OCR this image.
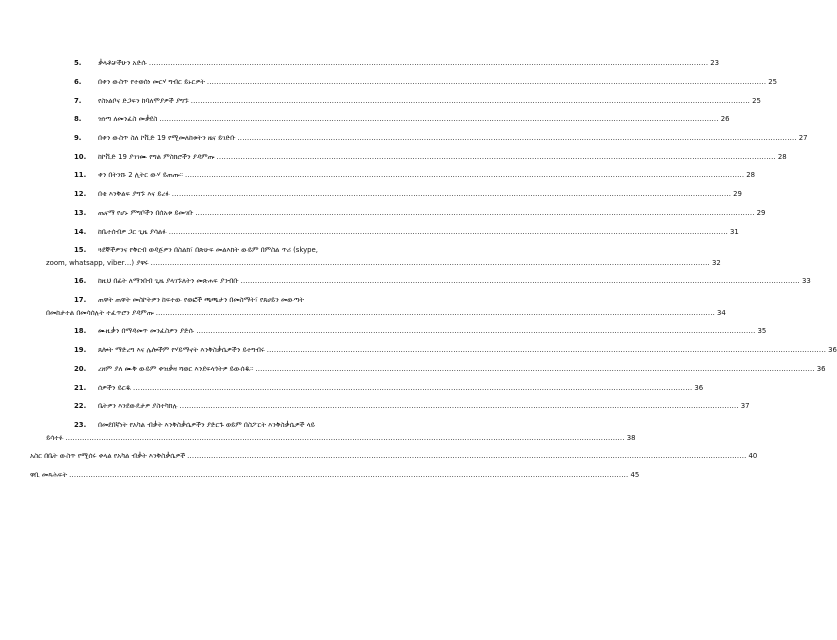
5. ቃላቶቻችሁን አድሱ .....	23
6. በቀን ውስጥ የተወሰነ መርሃ ግብር ይኑርዎት .....	25
7. የስነልቦና ድጋፍን ከባለሞያዎች ያግኙ .....	25
8. ዝነጣ ለመንፈስ መቃደስ .....	26
9. በቀን ውስጥ ስለ ኮቪድ 19 የሚመለከቱትን ዜና ይገድቡ .....	27
10. ከኮቪድ 19 ያገገሙ የግል ምስክሮችን ያዳምጡ .....	28
11. ቀን በትንሹ 2 ሊትር ውሃ ይጠጡ። .....	28
12. በቂ እንቅልፍ ያግኙ እና ይረፉ .....	29
13. ጤናማ የሆኑ ምግቦችን በሰአቱ ይመገቡ .....	29
14. ከቤተሰብዎ ጋር ጊዜ ያሳልፉ .....	31
15. ጓደኞችዎንና የቅርብ ወዳጅዎን በስልክ፣ በጽሁፍ መልእክት ውይም በምስል ጥሪ (skype,
zoom, whatsapp, viber…) ያዋሩ .....	32
16. ከዚህ በፊት ለማንበብ ጊዜ ያላገኙለትን መጽሐፍ ያንብቡ .....	33
17. ጠዋት ጠዋት መስኮትዎን ከፍተው የወፎች ጫጫታን በመስማት፣ የጸሀይን መውጣት
በመከታተል በመሳሰሉት ተፈጥሮን ያዳምጡ .....	34
18. ሙዚቃን በማዳመጥ መንፈስዎን ያድሱ .....	35
19. ጸሎት ማድረግ እና ሌሎችም የሃይማኖት እንቅስቃሴዎችን ይተግብሩ .....	36
20. ረዘም ያለ ሙቅ ውይም ቀዝቃዛ ሻወር እንደፍላጎትዎ ይውሰዱ። .....	36
21. ሰዎችን ይርዱ .....	36
22. ቤትዎን እንደውዴታዎ ያስተካክሉ .....	37
23. በመደበኛነት የአካል ብቃት እንቅስቃሴዎችን ያድርጉ ወይም በስፖርት እንቅስቃሴዎች ላይ
ይሳተፉ .....	38
አስር በቤት ውስጥ የሚሰሩ ቀላል የአካል ብቃት እንቅስቃሴዎች .....	40
ዋቢ መጻሕፍት .....	45
